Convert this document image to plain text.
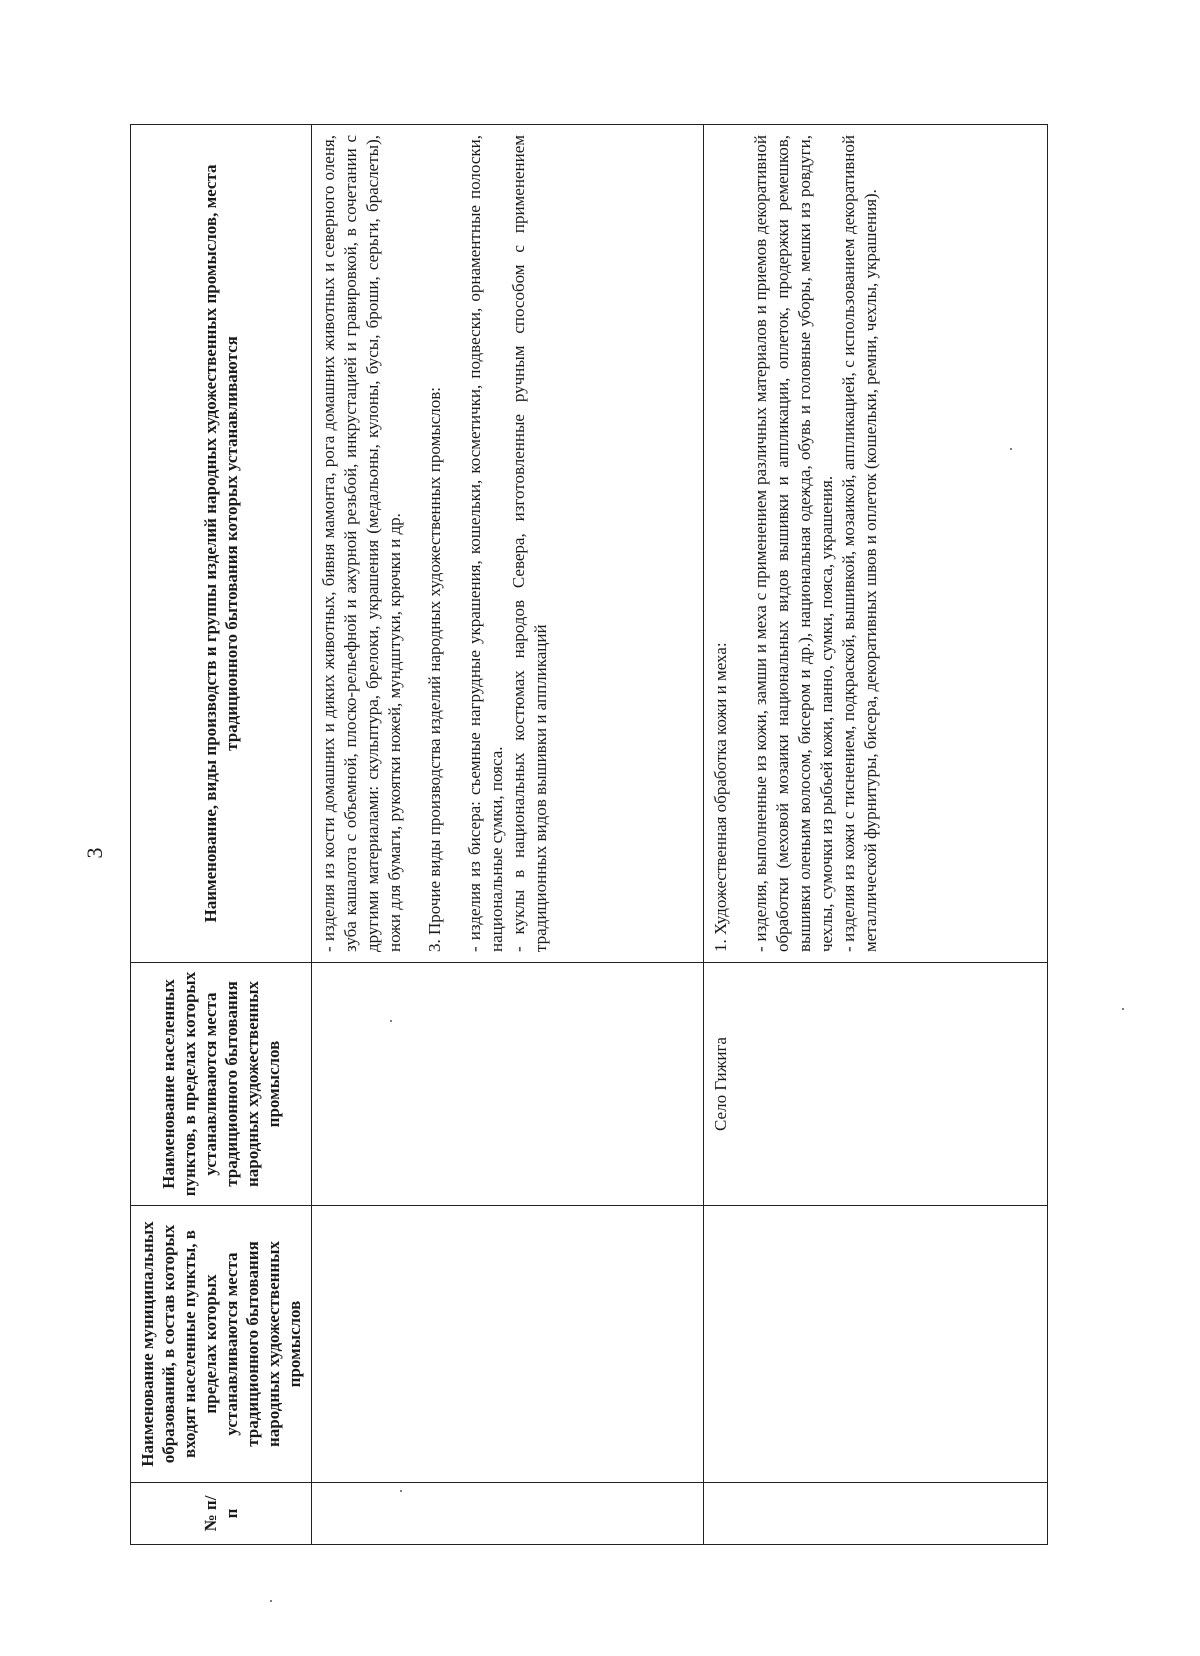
3
№ п/п	Наименование муниципальных образований, в состав которых входят населенные пункты, в пределах которых устанавливаются места традиционного бытования народных художественных промыслов	Наименование населенных пунктов, в пределах которых устанавливаются места традиционного бытования народных художественных промыслов	Наименование, виды производств и группы изделий народных художественных промыслов, места традиционного бытования которых устанавливаются

			- изделия из кости домашних и диких животных, бивня мамонта, рога домашних животных и северного оленя, зуба кашалота с объемной, плоско-рельефной и ажурной резьбой, инкрустацией и гравировкой, в сочетании с другими материалами: скульптура, брелоки, украшения (медальоны, кулоны, бусы, броши, серьги, браслеты), ножи для бумаги, рукоятки ножей, мундштуки, крючки и др. 3. Прочие виды производства изделий народных художественных промыслов: - изделия из бисера: съемные нагрудные украшения, кошельки, косметички, подвески, орнаментные полоски, национальные сумки, пояса. - куклы в национальных костюмах народов Севера, изготовленные ручным способом с применением традиционных видов вышивки и аппликаций

		Село Гижига	1. Художественная обработка кожи и меха: - изделия, выполненные из кожи, замши и меха с применением различных материалов и приемов декоративной обработки (меховой мозаики национальных видов вышивки и аппликации, оплеток, продержки ремешков, вышивки оленьим волосом, бисером и др.), национальная одежда, обувь и головные уборы, мешки из ровдуги, чехлы, сумочки из рыбьей кожи, панно, сумки, пояса, украшения. - изделия из кожи с тиснением, подкраской, вышивкой, мозаикой, аппликацией, с использованием декоративной металлической фурнитуры, бисера, декоративных швов и оплеток (кошельки, ремни, чехлы, украшения).
